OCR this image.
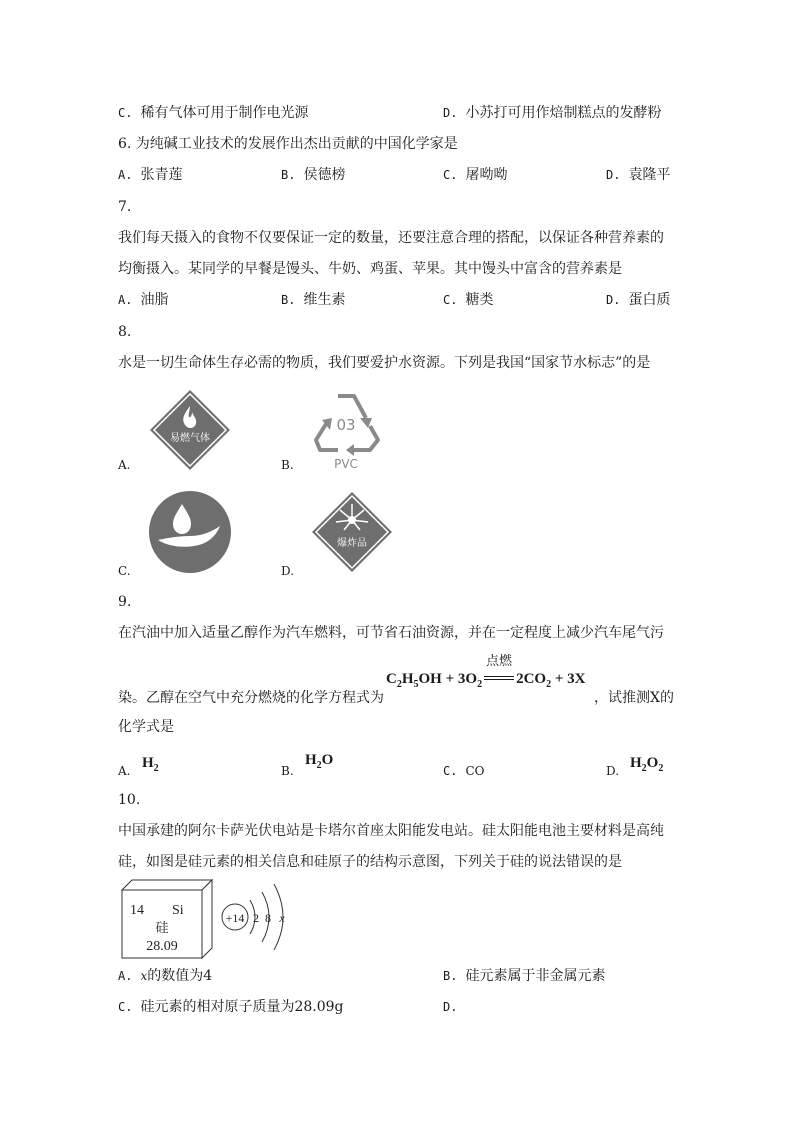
C. 稀有气体可用于制作电光源	D. 小苏打可用作焙制糕点的发酵粉
6. 为纯碱工业技术的发展作出杰出贡献的中国化学家是
A. 张青莲	B. 侯德榜	C. 屠呦呦	D. 袁隆平
7.
我们每天摄入的食物不仅要保证一定的数量，还要注意合理的搭配，以保证各种营养素的
均衡摄入。某同学的早餐是馒头、牛奶、鸡蛋、苹果。其中馒头中富含的营养素是
A. 油脂	B. 维生素	C. 糖类	D. 蛋白质
8.
水是一切生命体生存必需的物质，我们要爱护水资源。下列是我国“国家节水标志”的是
易燃气体
A.
03
PVC
B.
C.
爆炸品
D.
9.
在汽油中加入适量乙醇作为汽车燃料，可节省石油资源，并在一定程度上减少汽车尾气污
点燃
$C_2H_5OH + 3O_2$ $2CO_2 + 3X$
染。乙醇在空气中充分燃烧的化学方程式为	，试推测X的
化学式是
A. $H_2$	B.
$H_2O$
C. CO	D. $H_2O_2$
10.
中国承建的阿尔卡萨光伏电站是卡塔尔首座太阳能发电站。硅太阳能电池主要材料是高纯
硅，如图是硅元素的相关信息和硅原子的结构示意图，下列关于硅的说法错误的是
14 Si
硅
28.09
+14 2 8 x
A. x的数值为4	B. 硅元素属于非金属元素
C. 硅元素的相对原子质量为28.09g	D.
